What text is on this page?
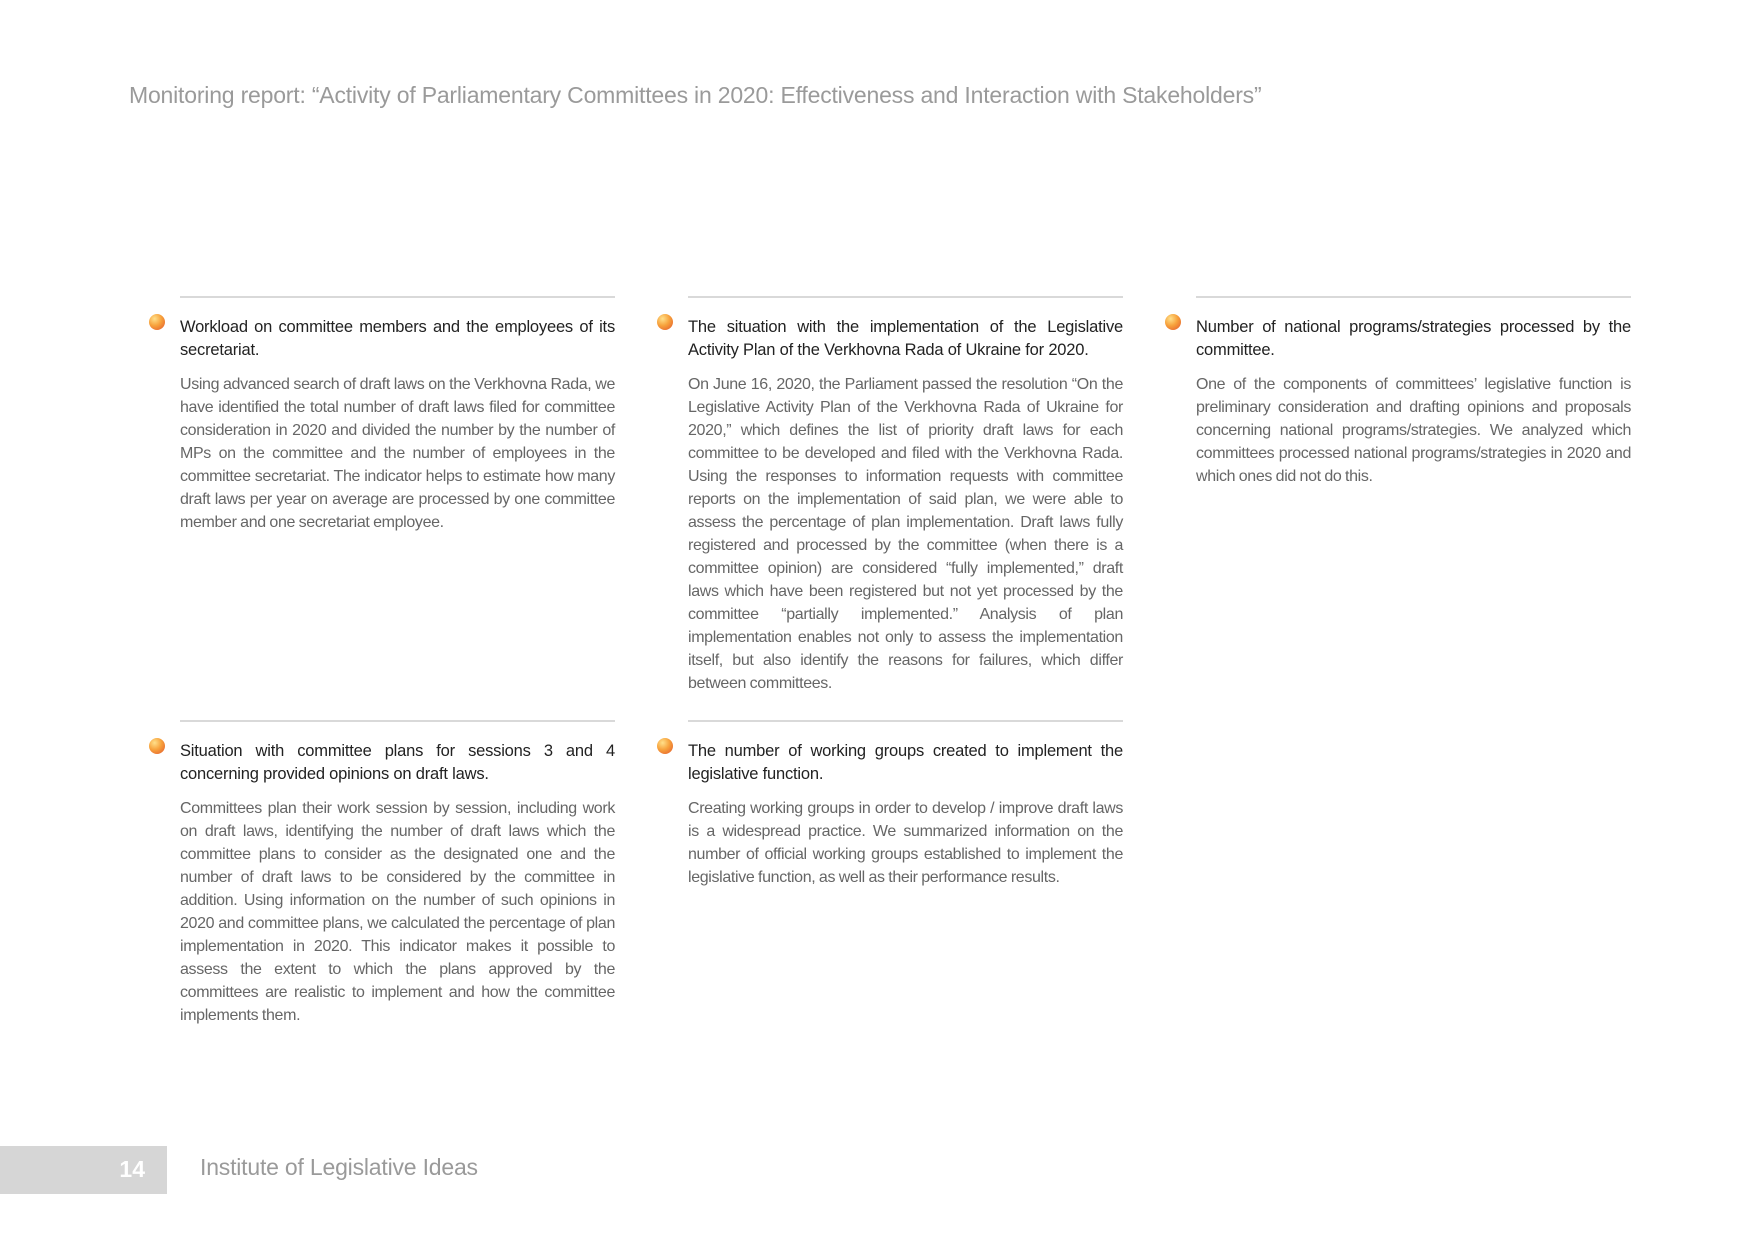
Monitoring report: “Activity of Parliamentary Committees in 2020: Effectiveness and Interaction with Stakeholders”
Workload on committee members and the employees of its secretariat.

Using advanced search of draft laws on the Verkhovna Rada, we have identified the total number of draft laws filed for committee consideration in 2020 and divided the number by the number of MPs on the committee and the number of employees in the committee secretariat. The indicator helps to estimate how many draft laws per year on average are processed by one committee member and one secretariat employee.

The situation with the implementation of the Legislative Activity Plan of the Verkhovna Rada of Ukraine for 2020.

On June 16, 2020, the Parliament passed the resolution “On the Legislative Activity Plan of the Verkhovna Rada of Ukraine for 2020,” which defines the list of priority draft laws for each committee to be developed and filed with the Verkhovna Rada. Using the responses to information requests with committee reports on the implementation of said plan, we were able to assess the percentage of plan implementation. Draft laws fully registered and processed by the committee (when there is a committee opinion) are considered “fully implemented,” draft laws which have been registered but not yet processed by the committee “partially implemented.” Analysis of plan implementation enables not only to assess the implementation itself, but also identify the reasons for failures, which differ between committees.

Number of national programs/strategies processed by the committee.

One of the components of committees’ legislative function is preliminary consideration and drafting opinions and proposals concerning national programs/strategies. We analyzed which committees processed national programs/strategies in 2020 and which ones did not do this.

Situation with committee plans for sessions 3 and 4 concerning provided opinions on draft laws.

Committees plan their work session by session, including work on draft laws, identifying the number of draft laws which the committee plans to consider as the designated one and the number of draft laws to be considered by the committee in addition. Using information on the number of such opinions in 2020 and committee plans, we calculated the percentage of plan implementation in 2020. This indicator makes it possible to assess the extent to which the plans approved by the committees are realistic to implement and how the committee implements them.

The number of working groups created to implement the legislative function.

Creating working groups in order to develop / improve draft laws is a widespread practice. We summarized information on the number of official working groups established to implement the legislative function, as well as their performance results.

14 Institute of Legislative Ideas
